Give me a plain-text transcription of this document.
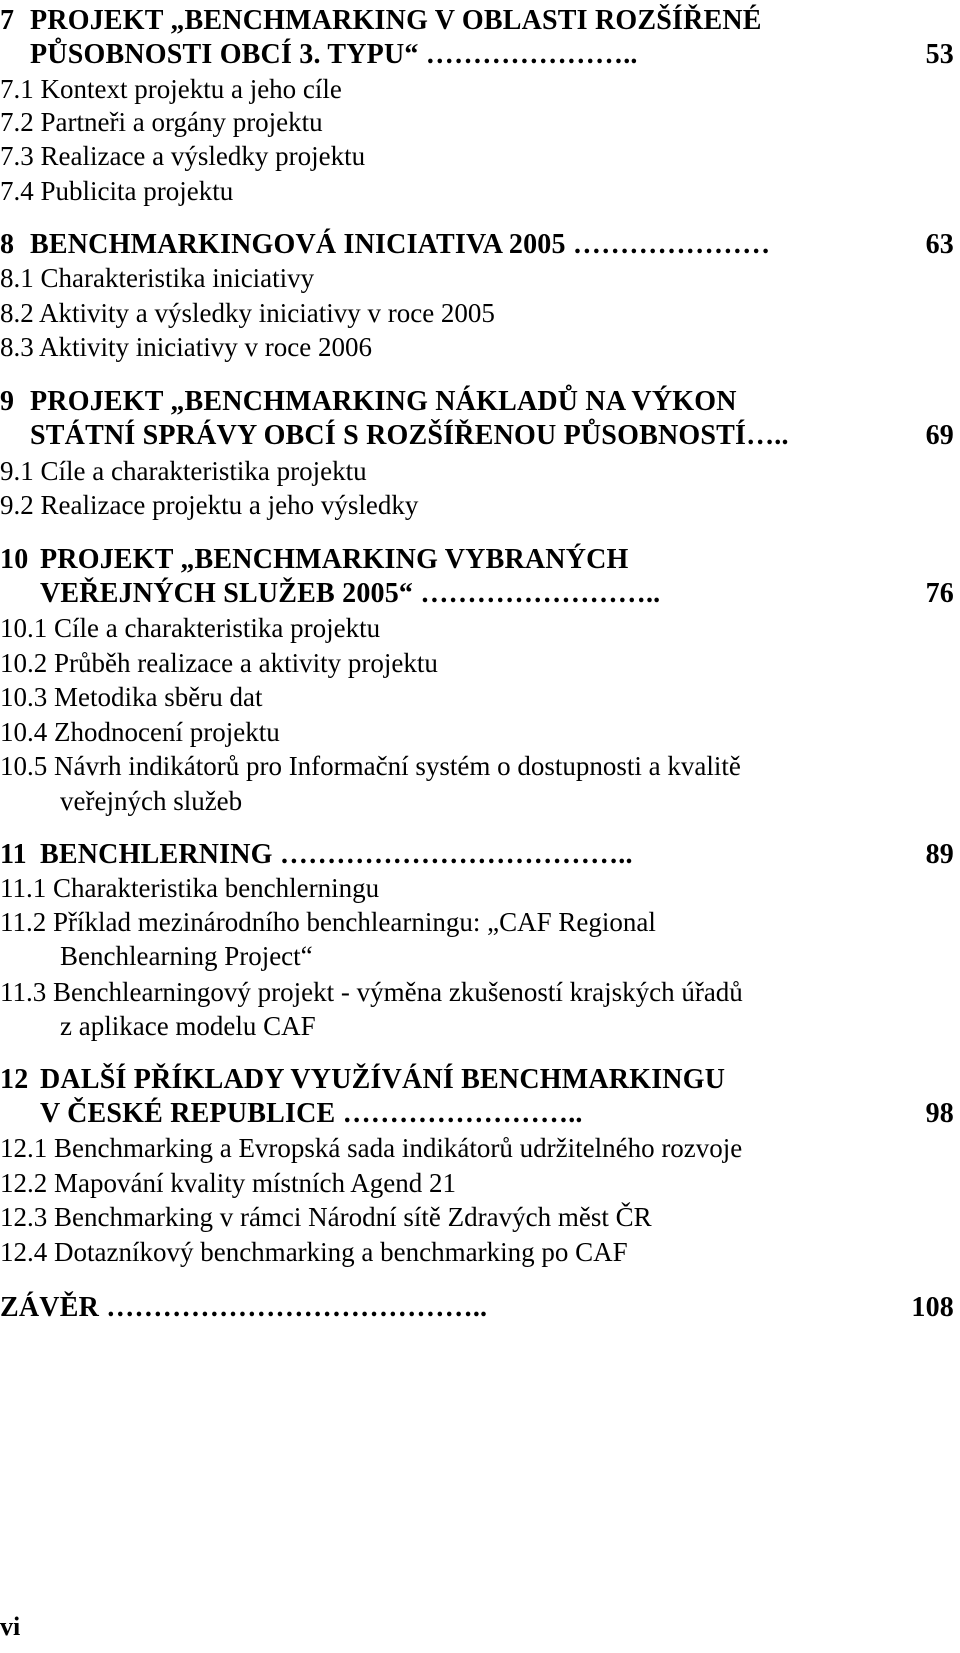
7 PROJEKT „BENCHMARKING V OBLASTI ROZŠÍŘENÉ
PŮSOBNOSTI OBCÍ 3. TYPU“ …………………..	53
7.1 Kontext projektu a jeho cíle
7.2 Partneři a orgány projektu
7.3 Realizace a výsledky projektu
7.4 Publicita projektu
8 BENCHMARKINGOVÁ INICIATIVA 2005 …………………	63
8.1 Charakteristika iniciativy
8.2 Aktivity a výsledky iniciativy v roce 2005
8.3 Aktivity iniciativy v roce 2006
9 PROJEKT „BENCHMARKING NÁKLADŮ NA VÝKON
STÁTNÍ SPRÁVY OBCÍ S ROZŠÍŘENOU PŮSOBNOSTÍ…..	69
9.1 Cíle a charakteristika projektu
9.2 Realizace projektu a jeho výsledky
10 PROJEKT „BENCHMARKING VYBRANÝCH
VEŘEJNÝCH SLUŽEB 2005“ ……………………..	76
10.1 Cíle a charakteristika projektu
10.2 Průběh realizace a aktivity projektu
10.3 Metodika sběru dat
10.4 Zhodnocení projektu
10.5 Návrh indikátorů pro Informační systém o dostupnosti a kvalitě
veřejných služeb
11 BENCHLERNING ………………………………..	89
11.1 Charakteristika benchlerningu
11.2 Příklad mezinárodního benchlearningu: „CAF Regional
Benchlearning Project“
11.3 Benchlearningový projekt - výměna zkušeností krajských úřadů
z aplikace modelu CAF
12 DALŠÍ PŘÍKLADY VYUŽÍVÁNÍ BENCHMARKINGU
V ČESKÉ REPUBLICE ……………………..	98
12.1 Benchmarking a Evropská sada indikátorů udržitelného rozvoje
12.2 Mapování kvality místních Agend 21
12.3 Benchmarking v rámci Národní sítě Zdravých měst ČR
12.4 Dotazníkový benchmarking a benchmarking po CAF
ZÁVĚR …………………………………..	108
vi
